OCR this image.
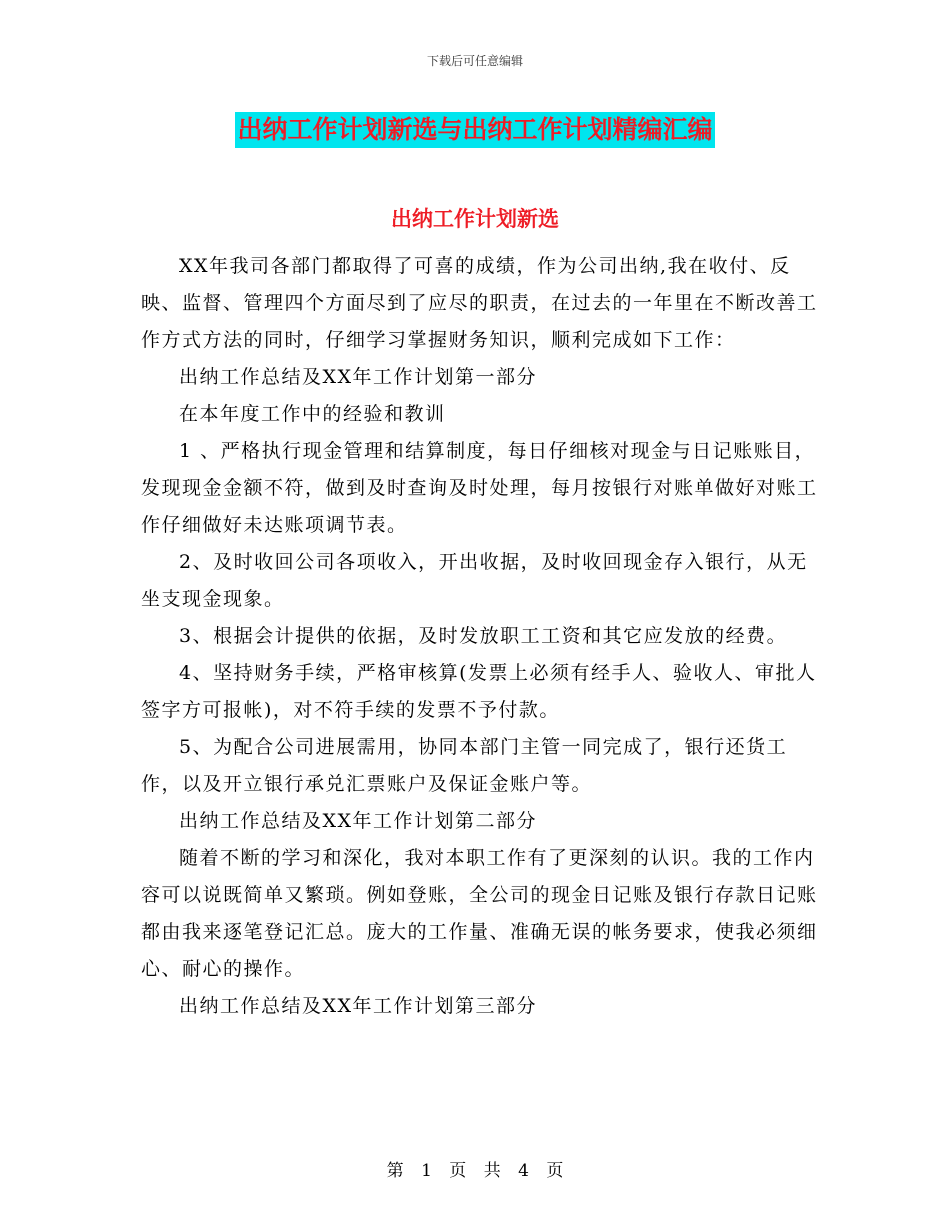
下载后可任意编辑
出纳工作计划新选与出纳工作计划精编汇编
出纳工作计划新选

XX年我司各部门都取得了可喜的成绩，作为公司出纳,我在收付、反映、监督、管理四个方面尽到了应尽的职责，在过去的一年里在不断改善工作方式方法的同时，仔细学习掌握财务知识，顺利完成如下工作：

出纳工作总结及XX年工作计划第一部分

在本年度工作中的经验和教训

1 、严格执行现金管理和结算制度，每日仔细核对现金与日记账账目，发现现金金额不符，做到及时查询及时处理，每月按银行对账单做好对账工作仔细做好未达账项调节表。

2、及时收回公司各项收入，开出收据，及时收回现金存入银行，从无坐支现金现象。

3、根据会计提供的依据，及时发放职工工资和其它应发放的经费。

4、坚持财务手续，严格审核算(发票上必须有经手人、验收人、审批人签字方可报帐)，对不符手续的发票不予付款。

5、为配合公司进展需用，协同本部门主管一同完成了，银行还货工作，以及开立银行承兑汇票账户及保证金账户等。

出纳工作总结及XX年工作计划第二部分

随着不断的学习和深化，我对本职工作有了更深刻的认识。我的工作内容可以说既简单又繁琐。例如登账，全公司的现金日记账及银行存款日记账都由我来逐笔登记汇总。庞大的工作量、准确无误的帐务要求，使我必须细心、耐心的操作。

出纳工作总结及XX年工作计划第三部分

第 1 页 共 4 页
